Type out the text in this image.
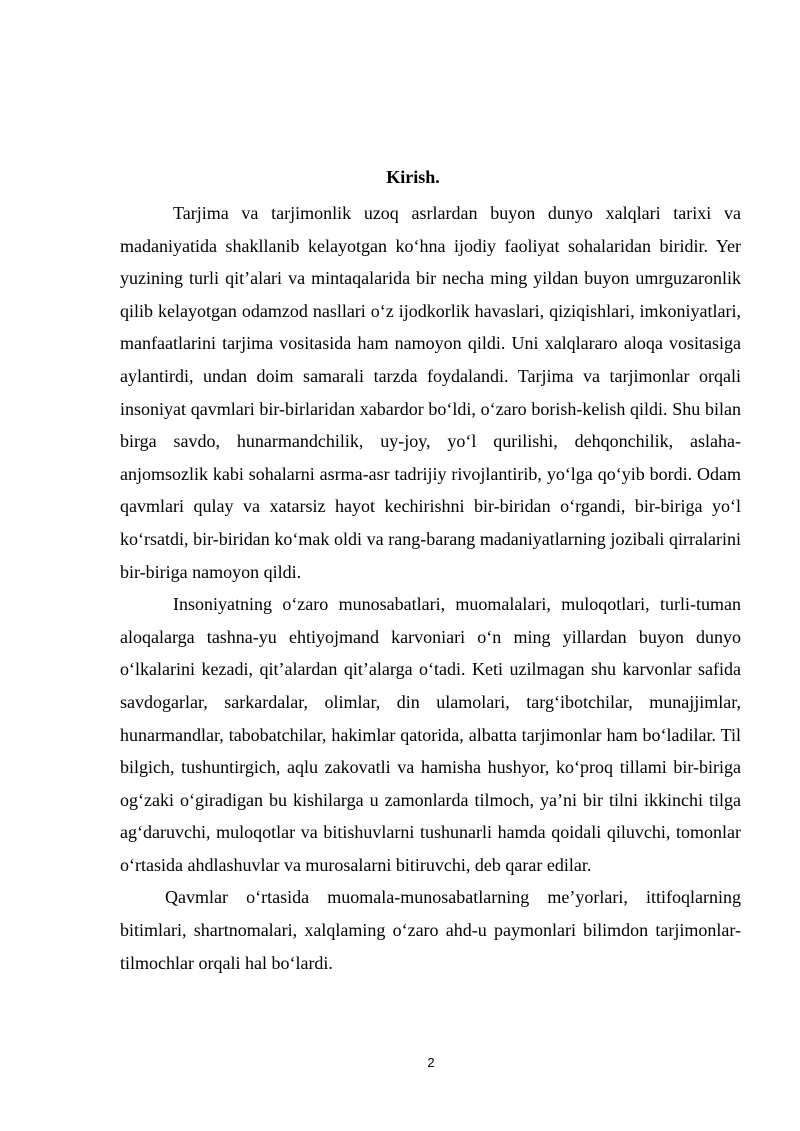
Kirish.

Tarjima va tarjimonlik uzoq asrlardan buyon dunyo xalqlari tarixi va madaniyatida shakllanib kelayotgan ko‘hna ijodiy faoliyat sohalaridan biridir. Yer yuzining turli qit’alari va mintaqalarida bir necha ming yildan buyon umrguzaronlik qilib kelayotgan odamzod nasllari o‘z ijodkorlik havaslari, qiziqishlari, imkoniyatlari, manfaatlarini tarjima vositasida ham namoyon qildi. Uni xalqlararo aloqa vositasiga aylantirdi, undan doim samarali tarzda foydalandi. Tarjima va tarjimonlar orqali insoniyat qavmlari bir-birlaridan xabardor bo‘ldi, o‘zaro borish-kelish qildi. Shu bilan birga savdo, hunarmandchilik, uy-joy, yo‘l qurilishi, dehqonchilik, aslaha-anjomsozlik kabi sohalarni asrma-asr tadrijiy rivojlantirib, yo‘lga qo‘yib bordi. Odam qavmlari qulay va xatarsiz hayot kechirishni bir-biridan o‘rgandi, bir-biriga yo‘l ko‘rsatdi, bir-biridan ko‘mak oldi va rang-barang madaniyatlarning jozibali qirralarini bir-biriga namoyon qildi.

Insoniyatning o‘zaro munosabatlari, muomalalari, muloqotlari, turli-tuman aloqalarga tashna-yu ehtiyojmand karvoniari o‘n ming yillardan buyon dunyo o‘lkalarini kezadi, qit’alardan qit’alarga o‘tadi. Keti uzilmagan shu karvonlar safida savdogarlar, sarkardalar, olimlar, din ulamolari, targ‘ibotchilar, munajjimlar, hunarmandlar, tabobatchilar, hakimlar qatorida, albatta tarjimonlar ham bo‘ladilar. Til bilgich, tushuntirgich, aqlu zakovatli va hamisha hushyor, ko‘proq tillami bir-biriga og‘zaki o‘giradigan bu kishilarga u zamonlarda tilmoch, ya’ni bir tilni ikkinchi tilga ag‘daruvchi, muloqotlar va bitishuvlarni tushunarli hamda qoidali qiluvchi, tomonlar o‘rtasida ahdlashuvlar va murosalarni bitiruvchi, deb qarar edilar.

Qavmlar o‘rtasida muomala-munosabatlarning me’yorlari, ittifoqlarning bitimlari, shartnomalari, xalqlaming o‘zaro ahd-u paymonlari bilimdon tarjimonlar-tilmochlar orqali hal bo‘lardi.

2
